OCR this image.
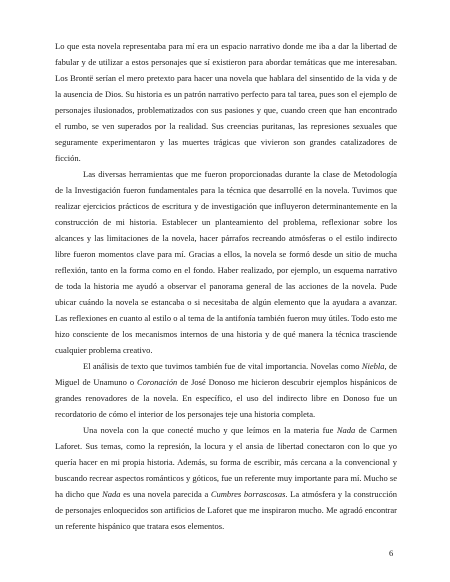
Lo que esta novela representaba para mí era un espacio narrativo donde me iba a dar la libertad de fabular y de utilizar a estos personajes que sí existieron para abordar temáticas que me interesaban. Los Brontë serían el mero pretexto para hacer una novela que hablara del sinsentido de la vida y de la ausencia de Dios. Su historia es un patrón narrativo perfecto para tal tarea, pues son el ejemplo de personajes ilusionados, problematizados con sus pasiones y que, cuando creen que han encontrado el rumbo, se ven superados por la realidad. Sus creencias puritanas, las represiones sexuales que seguramente experimentaron y las muertes trágicas que vivieron son grandes catalizadores de ficción.

Las diversas herramientas que me fueron proporcionadas durante la clase de Metodología de la Investigación fueron fundamentales para la técnica que desarrollé en la novela. Tuvimos que realizar ejercicios prácticos de escritura y de investigación que influyeron determinantemente en la construcción de mi historia. Establecer un planteamiento del problema, reflexionar sobre los alcances y las limitaciones de la novela, hacer párrafos recreando atmósferas o el estilo indirecto libre fueron momentos clave para mí. Gracias a ellos, la novela se formó desde un sitio de mucha reflexión, tanto en la forma como en el fondo. Haber realizado, por ejemplo, un esquema narrativo de toda la historia me ayudó a observar el panorama general de las acciones de la novela. Pude ubicar cuándo la novela se estancaba o si necesitaba de algún elemento que la ayudara a avanzar. Las reflexiones en cuanto al estilo o al tema de la antifonía también fueron muy útiles. Todo esto me hizo consciente de los mecanismos internos de una historia y de qué manera la técnica trasciende cualquier problema creativo.

El análisis de texto que tuvimos también fue de vital importancia. Novelas como Niebla, de Miguel de Unamuno o Coronación de José Donoso me hicieron descubrir ejemplos hispánicos de grandes renovadores de la novela. En específico, el uso del indirecto libre en Donoso fue un recordatorio de cómo el interior de los personajes teje una historia completa.

Una novela con la que conecté mucho y que leímos en la materia fue Nada de Carmen Laforet. Sus temas, como la represión, la locura y el ansia de libertad conectaron con lo que yo quería hacer en mi propia historia. Además, su forma de escribir, más cercana a la convencional y buscando recrear aspectos románticos y góticos, fue un referente muy importante para mí. Mucho se ha dicho que Nada es una novela parecida a Cumbres borrascosas. La atmósfera y la construcción de personajes enloquecidos son artificios de Laforet que me inspiraron mucho. Me agradó encontrar un referente hispánico que tratara esos elementos.

6
